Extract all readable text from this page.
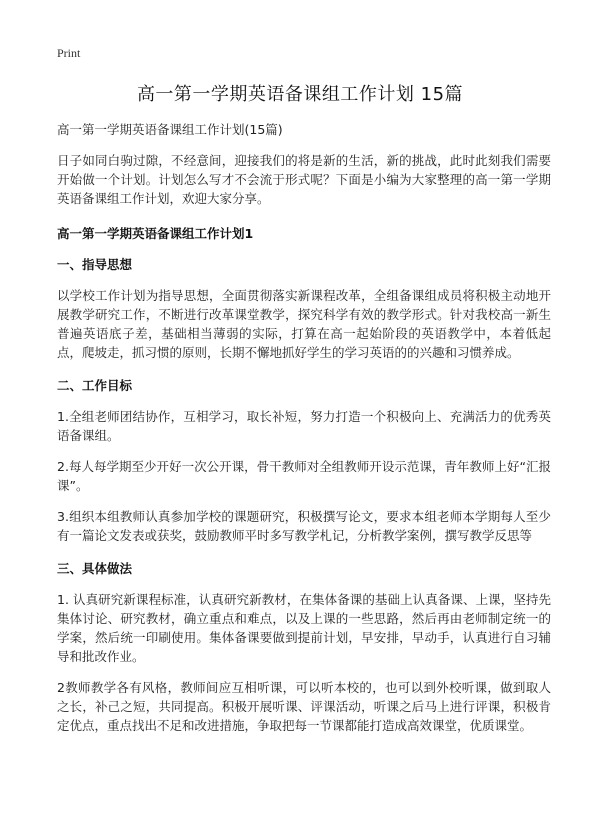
Print
高一第一学期英语备课组工作计划 15篇
高一第一学期英语备课组工作计划(15篇)

日子如同白驹过隙，不经意间，迎接我们的将是新的生活，新的挑战，此时此刻我们需要开始做一个计划。计划怎么写才不会流于形式呢？下面是小编为大家整理的高一第一学期英语备课组工作计划，欢迎大家分享。

高一第一学期英语备课组工作计划1
一、指导思想

以学校工作计划为指导思想，全面贯彻落实新课程改革，全组备课组成员将积极主动地开展教学研究工作，不断进行改革课堂教学，探究科学有效的教学形式。针对我校高一新生普遍英语底子差，基础相当薄弱的实际，打算在高一起始阶段的英语教学中，本着低起点，爬坡走，抓习惯的原则，长期不懈地抓好学生的学习英语的的兴趣和习惯养成。

二、工作目标

1.全组老师团结协作，互相学习，取长补短，努力打造一个积极向上、充满活力的优秀英语备课组。

2.每人每学期至少开好一次公开课，骨干教师对全组教师开设示范课，青年教师上好“汇报课”。

3.组织本组教师认真参加学校的课题研究，积极撰写论文，要求本组老师本学期每人至少有一篇论文发表或获奖，鼓励教师平时多写教学札记，分析教学案例，撰写教学反思等

三、具体做法

1. 认真研究新课程标准，认真研究新教材，在集体备课的基础上认真备课、上课，坚持先集体讨论、研究教材，确立重点和难点，以及上课的一些思路，然后再由老师制定统一的学案，然后统一印刷使用。集体备课要做到提前计划，早安排，早动手，认真进行自习辅导和批改作业。

2教师教学各有风格，教师间应互相听课，可以听本校的，也可以到外校听课，做到取人之长，补己之短，共同提高。积极开展听课、评课活动，听课之后马上进行评课，积极肯定优点，重点找出不足和改进措施，争取把每一节课都能打造成高效课堂，优质课堂。
